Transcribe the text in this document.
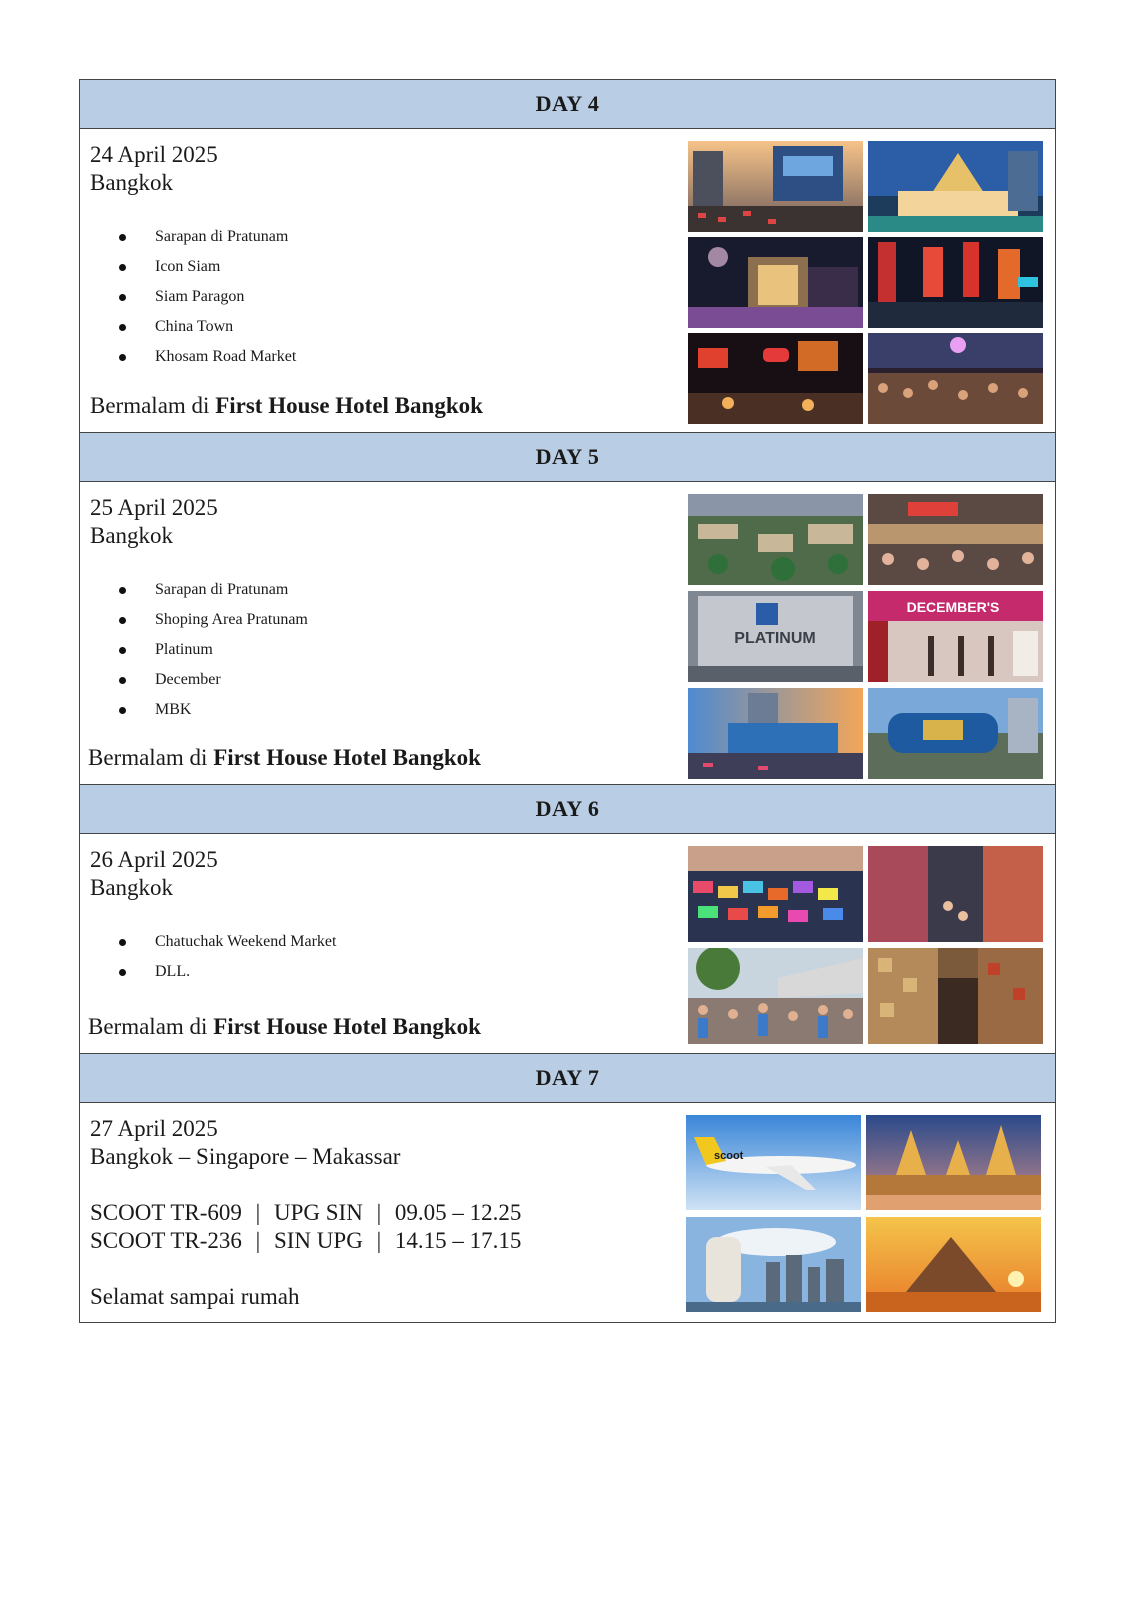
DAY 4
24 April 2025
Bangkok
Sarapan di Pratunam
Icon Siam
Siam Paragon
China Town
Khosam Road Market
Bermalam di First House Hotel Bangkok
DAY 5
25 April 2025
Bangkok
Sarapan di Pratunam
Shoping Area Pratunam
Platinum
December
MBK
Bermalam di First House Hotel Bangkok
PLATINUM
DECEMBER'S
DAY 6
26 April 2025
Bangkok
Chatuchak Weekend Market
DLL.
Bermalam di First House Hotel Bangkok
DAY 7
27 April 2025
Bangkok – Singapore – Makassar
SCOOT TR-609 | UPG SIN | 09.05 – 12.25
SCOOT TR-236 | SIN UPG | 14.15 – 17.15
Selamat sampai rumah
scoot
